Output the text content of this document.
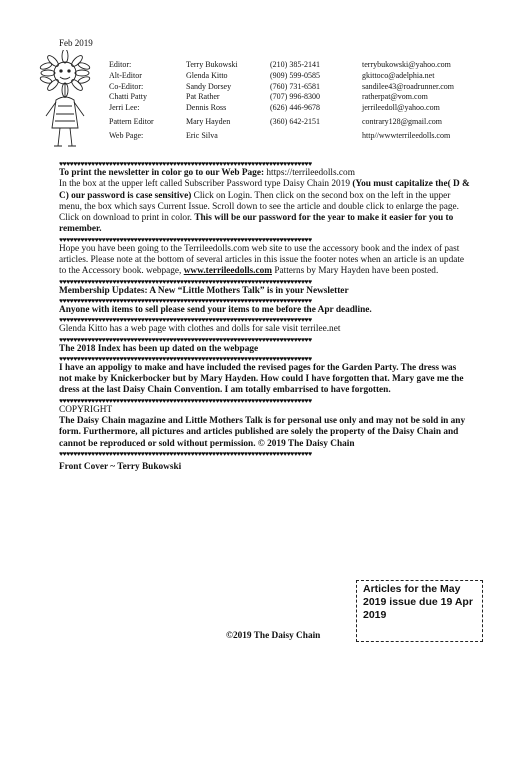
Feb 2019
Editor:
Alt-Editor
Co-Editor:
Chatti Patty
Jerri Lee:
Pattern Editor
Web Page:
Terry Bukowski
Glenda Kitto
Sandy Dorsey
Pat Rather
Dennis Ross
Mary Hayden
Eric Silva
(210) 385-2141
(909) 599-0585
(760) 731-6581
(707) 996-8300
(626) 446-9678
(360) 642-2151
terrybukowski@yahoo.com
gkittoco@adelphia.net
sandilee43@roadrunner.com
ratherpat@vom.com
jerrileedoll@yahoo.com
contrary128@gmail.com
http//wwwterrileedolls.com
♥♥♥♥♥♥♥♥♥♥♥♥♥♥♥♥♥♥♥♥♥♥♥♥♥♥♥♥♥♥♥♥♥♥♥♥♥♥♥♥♥♥♥♥♥♥♥♥♥♥♥♥♥♥♥♥♥♥♥♥♥♥♥♥♥♥♥♥♥♥♥

To print the newsletter in color go to our Web Page: https://terrileedolls.com

In the box at the upper left called Subscriber Password type Daisy Chain 2019 (You must capitalize the( D & C) our password is case sensitive) Click on Login. Then click on the second box on the left in the upper menu, the box which says Current Issue. Scroll down to see the article and double click to enlarge the page. Click on download to print in color. This will be our password for the year to make it easier for you to remember.

♥♥♥♥♥♥♥♥♥♥♥♥♥♥♥♥♥♥♥♥♥♥♥♥♥♥♥♥♥♥♥♥♥♥♥♥♥♥♥♥♥♥♥♥♥♥♥♥♥♥♥♥♥♥♥♥♥♥♥♥♥♥♥♥♥♥♥♥♥♥♥

Hope you have been going to the Terrileedolls.com web site to use the accessory book and the index of past articles. Please note at the bottom of several articles in this issue the footer notes when an article is an update to the Accessory book. webpage, www.terrileedolls.com Patterns by Mary Hayden have been posted.

♥♥♥♥♥♥♥♥♥♥♥♥♥♥♥♥♥♥♥♥♥♥♥♥♥♥♥♥♥♥♥♥♥♥♥♥♥♥♥♥♥♥♥♥♥♥♥♥♥♥♥♥♥♥♥♥♥♥♥♥♥♥♥♥♥♥♥♥♥♥♥
Membership Updates: A New “Little Mothers Talk” is in your Newsletter
♥♥♥♥♥♥♥♥♥♥♥♥♥♥♥♥♥♥♥♥♥♥♥♥♥♥♥♥♥♥♥♥♥♥♥♥♥♥♥♥♥♥♥♥♥♥♥♥♥♥♥♥♥♥♥♥♥♥♥♥♥♥♥♥♥♥♥♥♥♥♥
Anyone with items to sell please send your items to me before the Apr deadline.
♥♥♥♥♥♥♥♥♥♥♥♥♥♥♥♥♥♥♥♥♥♥♥♥♥♥♥♥♥♥♥♥♥♥♥♥♥♥♥♥♥♥♥♥♥♥♥♥♥♥♥♥♥♥♥♥♥♥♥♥♥♥♥♥♥♥♥♥♥♥♥
Glenda Kitto has a web page with clothes and dolls for sale visit terrilee.net
♥♥♥♥♥♥♥♥♥♥♥♥♥♥♥♥♥♥♥♥♥♥♥♥♥♥♥♥♥♥♥♥♥♥♥♥♥♥♥♥♥♥♥♥♥♥♥♥♥♥♥♥♥♥♥♥♥♥♥♥♥♥♥♥♥♥♥♥♥♥♥
The 2018 Index has been up dated on the webpage
♥♥♥♥♥♥♥♥♥♥♥♥♥♥♥♥♥♥♥♥♥♥♥♥♥♥♥♥♥♥♥♥♥♥♥♥♥♥♥♥♥♥♥♥♥♥♥♥♥♥♥♥♥♥♥♥♥♥♥♥♥♥♥♥♥♥♥♥♥♥♥
I have an appoligy to make and have included the revised pages for the Garden Party. The dress was not make by Knickerbocker but by Mary Hayden. How could I have forgotten that. Mary gave me the dress at the last Daisy Chain Convention. I am totally embarrised to have forgotten.
♥♥♥♥♥♥♥♥♥♥♥♥♥♥♥♥♥♥♥♥♥♥♥♥♥♥♥♥♥♥♥♥♥♥♥♥♥♥♥♥♥♥♥♥♥♥♥♥♥♥♥♥♥♥♥♥♥♥♥♥♥♥♥♥♥♥♥♥♥♥♥
COPYRIGHT
The Daisy Chain magazine and Little Mothers Talk is for personal use only and may not be sold in any form. Furthermore, all pictures and articles published are solely the property of the Daisy Chain and cannot be reproduced or sold without permission. © 2019 The Daisy Chain
♥♥♥♥♥♥♥♥♥♥♥♥♥♥♥♥♥♥♥♥♥♥♥♥♥♥♥♥♥♥♥♥♥♥♥♥♥♥♥♥♥♥♥♥♥♥♥♥♥♥♥♥♥♥♥♥♥♥♥♥♥♥♥♥♥♥♥♥♥♥♥
Front Cover ~ Terry Bukowski
Articles for the May 2019 issue due 19 Apr 2019
©2019 The Daisy Chain
